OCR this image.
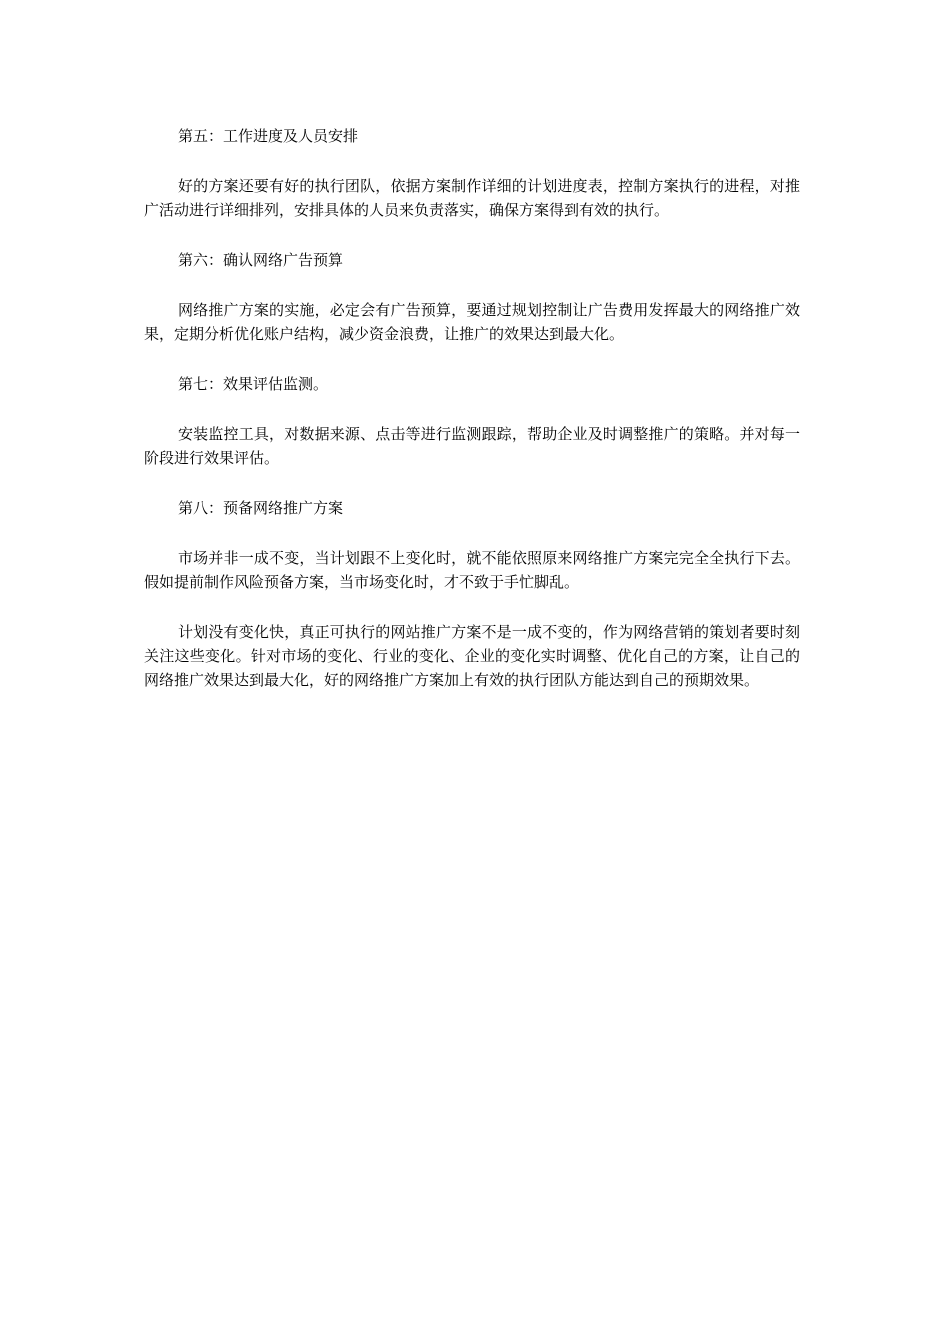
第五：工作进度及人员安排

好的方案还要有好的执行团队，依据方案制作详细的计划进度表，控制方案执行的进程，对推广活动进行详细排列，安排具体的人员来负责落实，确保方案得到有效的执行。

第六：确认网络广告预算

网络推广方案的实施，必定会有广告预算，要通过规划控制让广告费用发挥最大的网络推广效果，定期分析优化账户结构，减少资金浪费，让推广的效果达到最大化。

第七：效果评估监测。

安装监控工具，对数据来源、点击等进行监测跟踪，帮助企业及时调整推广的策略。并对每一阶段进行效果评估。

第八：预备网络推广方案

市场并非一成不变，当计划跟不上变化时，就不能依照原来网络推广方案完完全全执行下去。假如提前制作风险预备方案，当市场变化时，才不致于手忙脚乱。

计划没有变化快，真正可执行的网站推广方案不是一成不变的，作为网络营销的策划者要时刻关注这些变化。针对市场的变化、行业的变化、企业的变化实时调整、优化自己的方案，让自己的网络推广效果达到最大化，好的网络推广方案加上有效的执行团队方能达到自己的预期效果。
